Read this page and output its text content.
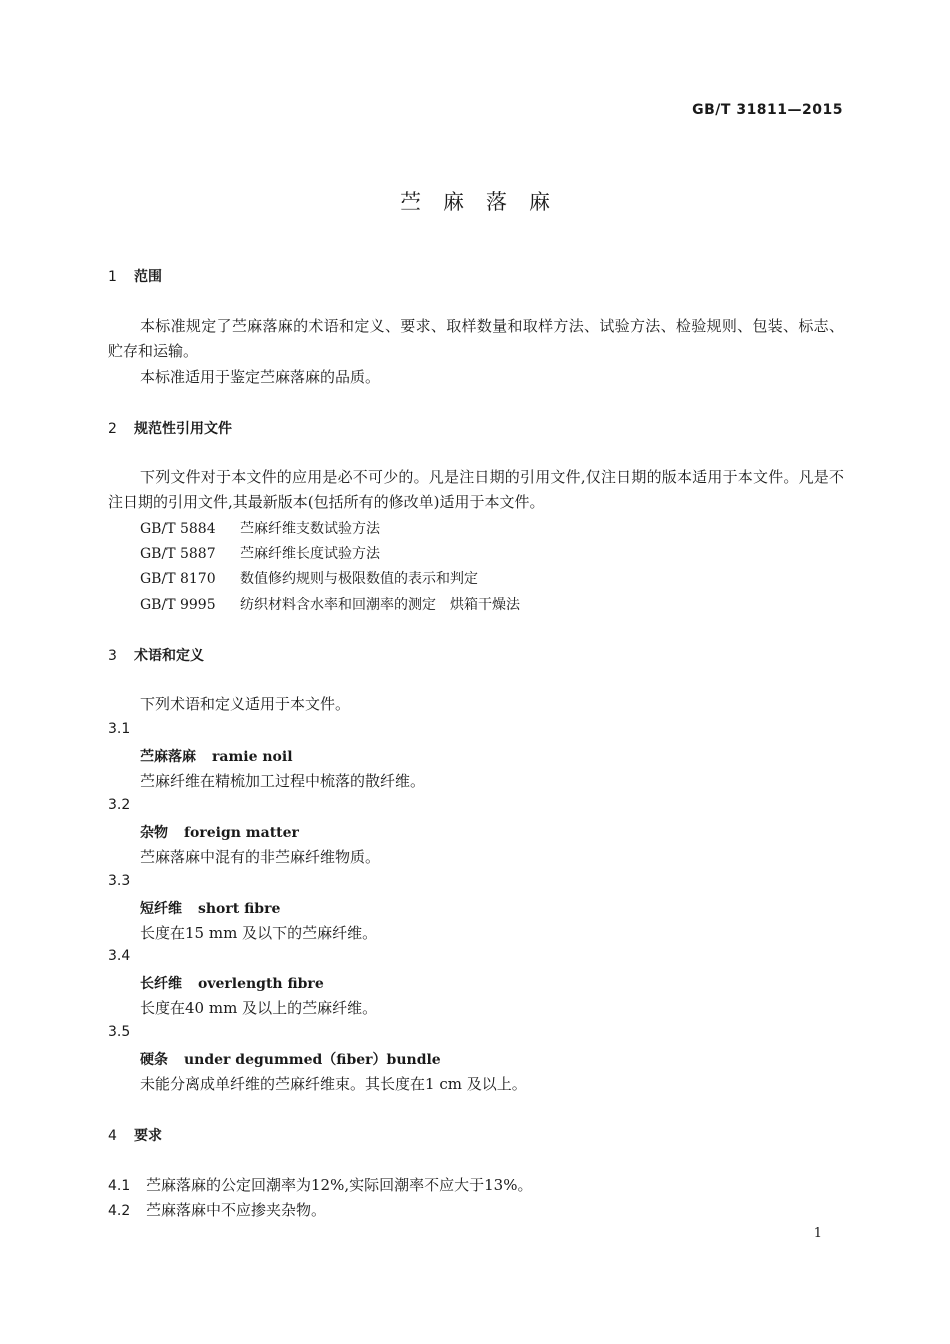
GB/T 31811—2015
苎麻落麻
1 范围
本标准规定了苎麻落麻的术语和定义、要求、取样数量和取样方法、试验方法、检验规则、包装、标志、贮存和运输。
本标准适用于鉴定苎麻落麻的品质。
2 规范性引用文件
下列文件对于本文件的应用是必不可少的。凡是注日期的引用文件,仅注日期的版本适用于本文件。凡是不注日期的引用文件,其最新版本(包括所有的修改单)适用于本文件。
GB/T 5884 苎麻纤维支数试验方法
GB/T 5887 苎麻纤维长度试验方法
GB/T 8170 数值修约规则与极限数值的表示和判定
GB/T 9995 纺织材料含水率和回潮率的测定　烘箱干燥法
3 术语和定义
下列术语和定义适用于本文件。
3.1
苎麻落麻 ramie noil
苎麻纤维在精梳加工过程中梳落的散纤维。
3.2
杂物 foreign matter
苎麻落麻中混有的非苎麻纤维物质。
3.3
短纤维 short fibre
长度在15 mm 及以下的苎麻纤维。
3.4
长纤维 overlength fibre
长度在40 mm 及以上的苎麻纤维。
3.5
硬条 under degummed（fiber）bundle
未能分离成单纤维的苎麻纤维束。其长度在1 cm 及以上。
4 要求
4.1 苎麻落麻的公定回潮率为12%,实际回潮率不应大于13%。
4.2 苎麻落麻中不应掺夹杂物。
1
